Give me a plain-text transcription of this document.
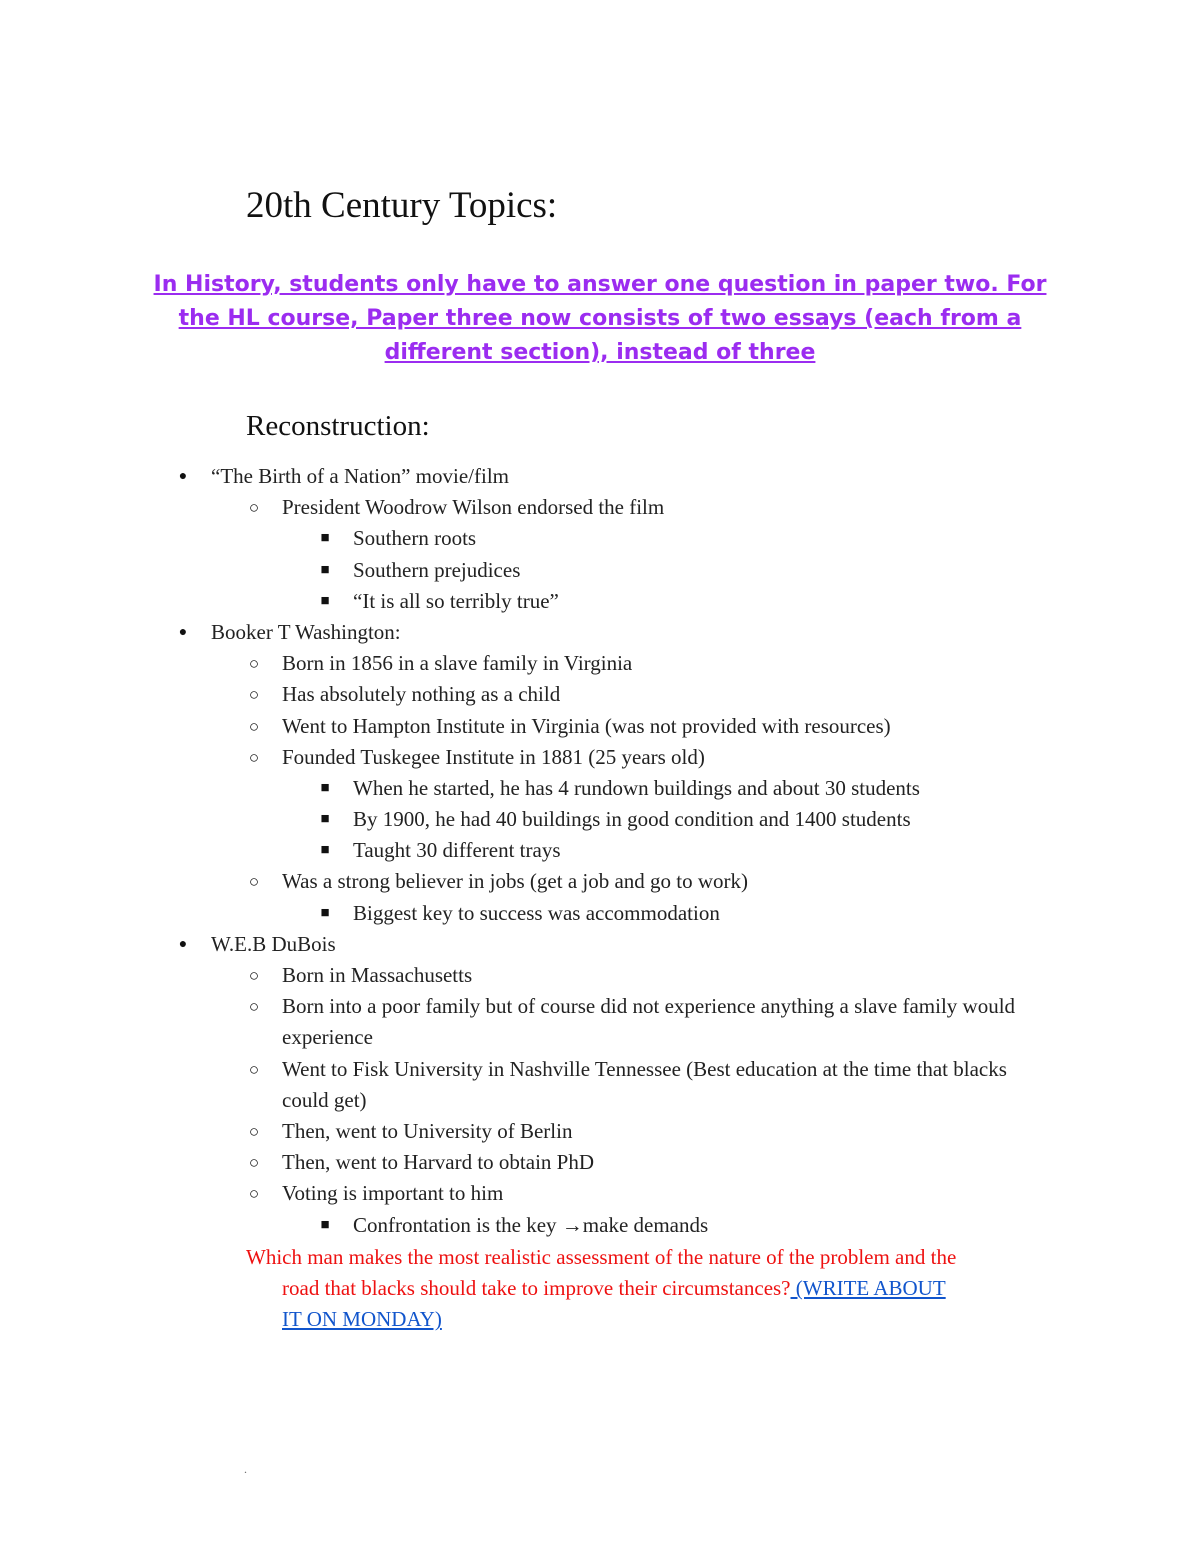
20th Century Topics:

In History, students only have to answer one question in paper two. For the HL course, Paper three now consists of two essays (each from a different section), instead of three

Reconstruction:
● “The Birth of a Nation” movie/film
○ President Woodrow Wilson endorsed the film
■ Southern roots
■ Southern prejudices
■ “It is all so terribly true”
● Booker T Washington:
○ Born in 1856 in a slave family in Virginia
○ Has absolutely nothing as a child
○ Went to Hampton Institute in Virginia (was not provided with resources)
○ Founded Tuskegee Institute in 1881 (25 years old)
■ When he started, he has 4 rundown buildings and about 30 students
■ By 1900, he had 40 buildings in good condition and 1400 students
■ Taught 30 different trays
○ Was a strong believer in jobs (get a job and go to work)
■ Biggest key to success was accommodation
● W.E.B DuBois
○ Born in Massachusetts
○ Born into a poor family but of course did not experience anything a slave family would experience
○ Went to Fisk University in Nashville Tennessee (Best education at the time that blacks could get)
○ Then, went to University of Berlin
○ Then, went to Harvard to obtain PhD
○ Voting is important to him
■ Confrontation is the key →make demands

Which man makes the most realistic assessment of the nature of the problem and the
road that blacks should take to improve their circumstances? (WRITE ABOUT
IT ON MONDAY)

.
